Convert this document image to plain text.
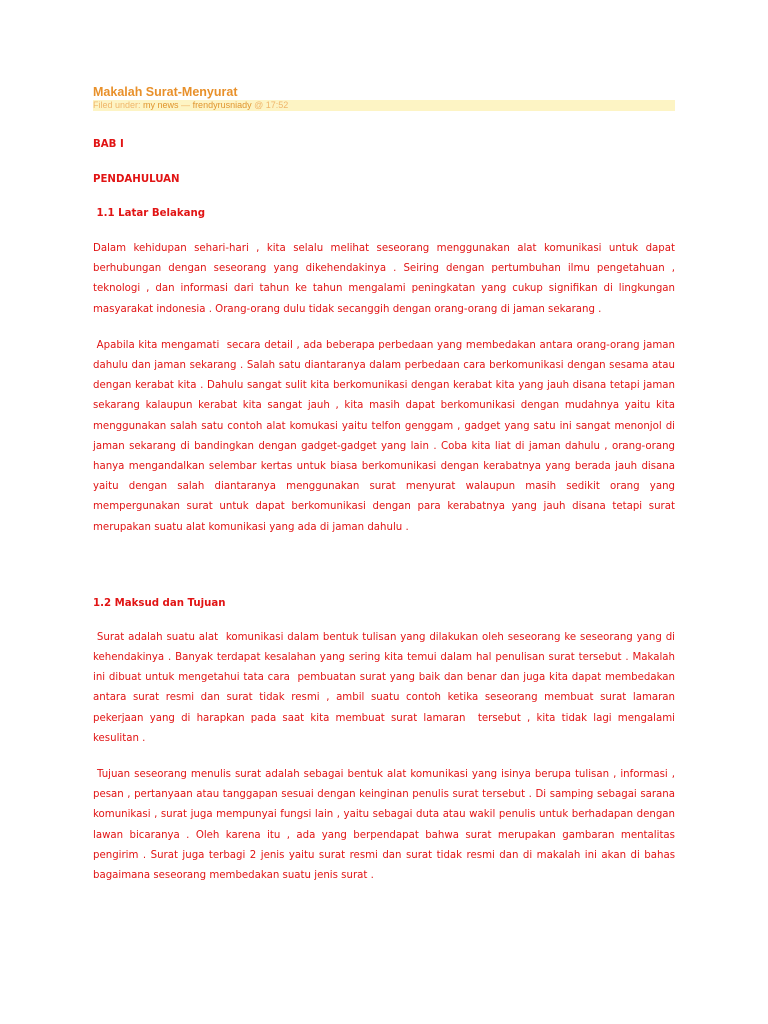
Makalah Surat-Menyurat
Filed under: my news — frendyrusniady @ 17:52
BAB I
PENDAHULUAN
1.1 Latar Belakang

Dalam kehidupan sehari-hari , kita selalu melihat seseorang menggunakan alat komunikasi untuk dapat berhubungan dengan seseorang yang dikehendakinya . Seiring dengan pertumbuhan ilmu pengetahuan , teknologi , dan informasi dari tahun ke tahun mengalami peningkatan yang cukup signifikan di lingkungan masyarakat indonesia . Orang-orang dulu tidak secanggih dengan orang-orang di jaman sekarang .

Apabila kita mengamati  secara detail , ada beberapa perbedaan yang membedakan antara orang-orang jaman dahulu dan jaman sekarang . Salah satu diantaranya dalam perbedaan cara berkomunikasi dengan sesama atau dengan kerabat kita . Dahulu sangat sulit kita berkomunikasi dengan kerabat kita yang jauh disana tetapi jaman sekarang kalaupun kerabat kita sangat jauh , kita masih dapat berkomunikasi dengan mudahnya yaitu kita menggunakan salah satu contoh alat komukasi yaitu telfon genggam , gadget yang satu ini sangat menonjol di jaman sekarang di bandingkan dengan gadget-gadget yang lain . Coba kita liat di jaman dahulu , orang-orang hanya mengandalkan selembar kertas untuk biasa berkomunikasi dengan kerabatnya yang berada jauh disana yaitu dengan salah diantaranya menggunakan surat menyurat walaupun masih sedikit orang yang mempergunakan surat untuk dapat berkomunikasi dengan para kerabatnya yang jauh disana tetapi surat merupakan suatu alat komunikasi yang ada di jaman dahulu .

1.2 Maksud dan Tujuan

Surat adalah suatu alat  komunikasi dalam bentuk tulisan yang dilakukan oleh seseorang ke seseorang yang di kehendakinya . Banyak terdapat kesalahan yang sering kita temui dalam hal penulisan surat tersebut . Makalah ini dibuat untuk mengetahui tata cara  pembuatan surat yang baik dan benar dan juga kita dapat membedakan antara surat resmi dan surat tidak resmi , ambil suatu contoh ketika seseorang membuat surat lamaran pekerjaan yang di harapkan pada saat kita membuat surat lamaran  tersebut , kita tidak lagi mengalami kesulitan .

Tujuan seseorang menulis surat adalah sebagai bentuk alat komunikasi yang isinya berupa tulisan , informasi , pesan , pertanyaan atau tanggapan sesuai dengan keinginan penulis surat tersebut . Di samping sebagai sarana komunikasi , surat juga mempunyai fungsi lain , yaitu sebagai duta atau wakil penulis untuk berhadapan dengan lawan bicaranya . Oleh karena itu , ada yang berpendapat bahwa surat merupakan gambaran mentalitas pengirim . Surat juga terbagi 2 jenis yaitu surat resmi dan surat tidak resmi dan di makalah ini akan di bahas bagaimana seseorang membedakan suatu jenis surat .
